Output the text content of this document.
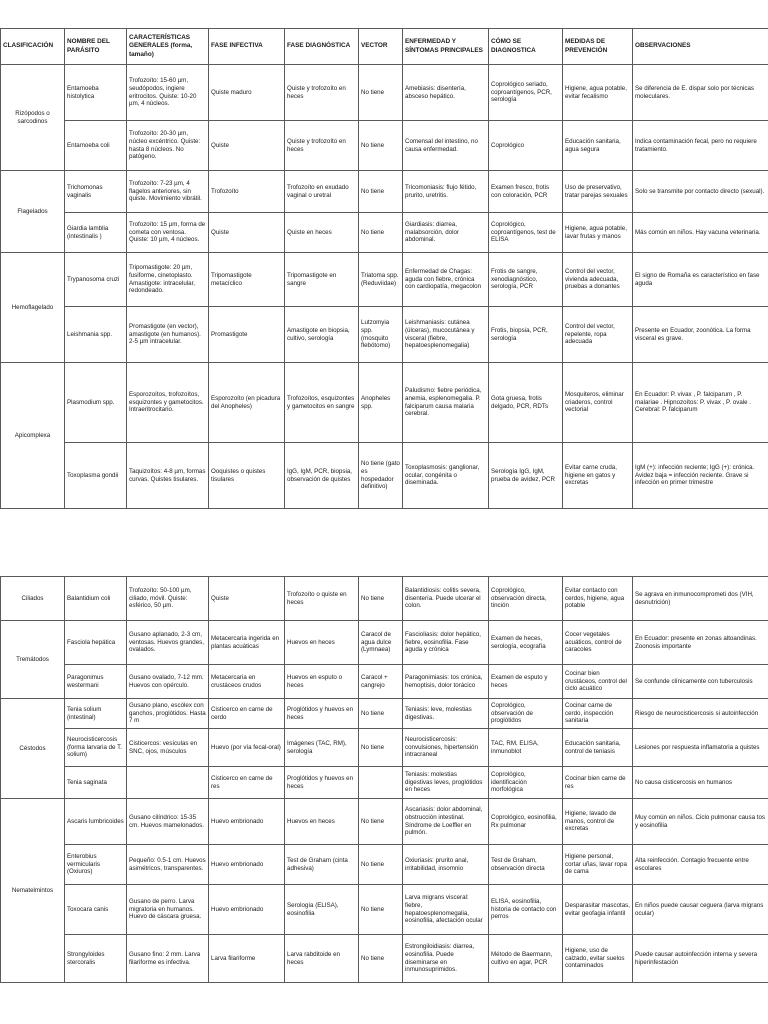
CLASIFICACIÓN	NOMBRE DEL PARÁSITO	CARACTERÍSTICAS GENERALES (forma, tamaño)	FASE INFECTIVA	FASE DIAGNÓSTICA	VECTOR	ENFERMEDAD Y SÍNTOMAS PRINCIPALES	CÓMO SE DIAGNOSTICA	MEDIDAS DE PREVENCIÓN	OBSERVACIONES
Rizópodos o sarcodinos	Entamoeba histolytica	Trofozoíto: 15-60 µm, seudópodos, ingiere eritrocitos. Quiste: 10-20 µm, 4 núcleos.	Quiste maduro	Quiste y trofozoíto en heces	No tiene	Amebiasis: disentería, absceso hepático.	Coprológico seriado, coproantígenos, PCR, serología	Higiene, agua potable, evitar fecalismo	Se diferencia de E. dispar solo por técnicas moleculares.
	Entamoeba coli	Trofozoíto: 20-30 µm, núcleo excéntrico. Quiste: hasta 8 núcleos. No patógeno.	Quiste	Quiste y trofozoíto en heces	No tiene	Comensal del intestino, no causa enfermedad.	Coprológico	Educación sanitaria, agua segura	Indica contaminación fecal, pero no requiere tratamiento.
Flagelados	Trichomonas vaginalis	Trofozoíto: 7-23 µm, 4 flagelos anteriores, sin quiste. Movimiento vibrátil.	Trofozoíto	Trofozoíto en exudado vaginal o uretral	No tiene	Tricomoniasis: flujo fétido, prurito, uretritis.	Examen fresco, frotis con coloración, PCR	Uso de preservativo, tratar parejas sexuales	Solo se transmite por contacto directo (sexual).
	Giardia lamblia (intestinalis )	Trofozoíto: 15 µm, forma de cometa con ventosa. Quiste: 10 µm, 4 núcleos.	Quiste	Quiste en heces	No tiene	Giardiasis: diarrea, malabsorción, dolor abdominal.	Coprológico, coproantígenos, test de ELISA	Higiene, agua potable, lavar frutas y manos	Más común en niños. Hay vacuna veterinaria.
Hemoflagelado	Trypanosoma cruzi	Tripomastigote: 20 µm, fusiforme, cinetoplasto. Amastigote: intracelular, redondeado.	Tripomastigote metacíclico	Tripomastigote en sangre	Triatoma spp. (Reduviidae)	Enfermedad de Chagas: aguda con fiebre, crónica con cardiopatía, megacolon	Frotis de sangre, xenodiagnóstico, serología, PCR	Control del vector, vivienda adecuada, pruebas a donantes	El signo de Romaña es característico en fase aguda
	Leishmania spp.	Promastigote (en vector), amastigote (en humanos). 2-5 µm intracelular.	Promastigote	Amastigote en biopsia, cultivo, serología	Lutzomyia spp. (mosquito flebótomo)	Leishmaniasis: cutánea (úlceras), mucocutánea y visceral (fiebre, hepatoesplenomegalia)	Frotis, biopsia, PCR, serología	Control del vector, repelente, ropa adecuada	Presente en Ecuador, zoonótica. La forma visceral es grave.
Apicomplexa	Plasmodium spp.	Esporozoítos, trofozoítos, esquizontes y gametocitos. Intraeritrocitario.	Esporozoíto (en picadura del Anopheles)	Trofozoítos, esquizontes y gametocitos en sangre	Anopheles spp.	Paludismo: fiebre periódica, anemia, esplenomegalia. P. falciparum causa malaria cerebral.	Gota gruesa, frotis delgado, PCR, RDTs	Mosquiteros, eliminar criaderos, control vectorial	En Ecuador: P. vivax , P. falciparum , P. malariae . Hipnozoítos: P. vivax , P. ovale . Cerebral: P. falciparum
	Toxoplasma gondii	Taquizoítos: 4-8 µm, formas curvas. Quistes tisulares.	Ooquistes o quistes tisulares	IgG, IgM, PCR, biopsia, observación de quistes	No tiene (gato es hospedador definitivo)	Toxoplasmosis: ganglionar, ocular, congénita o diseminada.	Serología IgG, IgM, prueba de avidez, PCR	Evitar carne cruda, higiene en gatos y excretas	IgM (+): infección reciente; IgG (+): crónica. Avidez baja = infección reciente. Grave si infección en primer trimestre
Ciliados	Balantidium coli	Trofozoíto: 50-100 µm, ciliado, móvil. Quiste: esférico, 50 µm.	Quiste	Trofozoíto o quiste en heces	No tiene	Balantidiosis: colitis severa, disentería. Puede ulcerar el colon.	Coprológico, observación directa, tinción	Evitar contacto con cerdos, higiene, agua potable	Se agrava en inmunocomprometi dos (VIH, desnutrición)
Tremátodos	Fasciola hepática	Gusano aplanado, 2-3 cm, ventosas. Huevos grandes, ovalados.	Metacercaria ingerida en plantas acuáticas	Huevos en heces	Caracol de agua dulce (Lymnaea)	Fascioliasis: dolor hepático, fiebre, eosinofilia. Fase aguda y crónica	Examen de heces, serología, ecografía	Cocer vegetales acuáticos, control de caracoles	En Ecuador: presente en zonas altoandinas. Zoonosis importante
	Paragonimus westermani	Gusano ovalado, 7-12 mm. Huevos con opérculo.	Metacercaria en crustáceos crudos	Huevos en esputo o heces	Caracol + cangrejo	Paragonimiasis: tos crónica, hemoptisis, dolor torácico	Examen de esputo y heces	Cocinar bien crustáceos, control del ciclo acuático	Se confunde clínicamente con tuberculosis
Céstodos	Tenia solium (intestinal)	Gusano plano, escólex con ganchos, proglótidos. Hasta 7 m	Cisticerco en carne de cerdo	Proglótidos y huevos en heces	No tiene	Teniasis: leve, molestias digestivas.	Coprológico, observación de proglótidos	Cocinar carne de cerdo, inspección sanitaria	Riesgo de neurocisticercosis si autoinfección
	Neurocisticercosis (forma larvaria de T. solium)	Cisticercos: vesículas en SNC, ojos, músculos	Huevo (por vía fecal-oral)	Imágenes (TAC, RM), serología	No tiene	Neurocisticercosis: convulsiones, hipertensión intracraneal	TAC, RM, ELISA, inmunoblot	Educación sanitaria, control de teniasis	Lesiones por respuesta inflamatoria a quistes
	Tenia saginata		Cisticerco en carne de res	Proglótidos y huevos en heces		Teniasis: molestias digestivas leves, proglótidos en heces	Coprológico, identificación morfológica	Cocinar bien carne de res	No causa cisticercosis en humanos
Nematelmintos	Ascaris lumbricoides	Gusano cilíndrico: 15-35 cm. Huevos mamelonados.	Huevo embrionado	Huevos en heces	No tiene	Ascariasis: dolor abdominal, obstrucción intestinal. Síndrome de Loeffler en pulmón.	Coprológico, eosinofilia, Rx pulmonar	Higiene, lavado de manos, control de excretas	Muy común en niños. Ciclo pulmonar causa tos y eosinofilia
	Enterobius vermicularis (Oxiuros)	Pequeño: 0.5-1 cm. Huevos asimétricos, transparentes.	Huevo embrionado	Test de Graham (cinta adhesiva)	No tiene	Oxiuriasis: prurito anal, irritabilidad, insomnio	Test de Graham, observación directa	Higiene personal, cortar uñas, lavar ropa de cama	Alta reinfección. Contagio frecuente entre escolares
	Toxocara canis	Gusano de perro. Larva migratoria en humanos. Huevo de cáscara gruesa.	Huevo embrionado	Serología (ELISA), eosinofilia	No tiene	Larva migrans visceral: fiebre, hepatoesplenomegalia, eosinofilia, afectación ocular	ELISA, eosinofilia, historia de contacto con perros	Desparasitar mascotas, evitar geofagia infantil	En niños puede causar ceguera (larva migrans ocular)
	Strongyloides stercoralis	Gusano fino: 2 mm. Larva filariforme es infectiva.	Larva filariforme	Larva rabditoide en heces	No tiene	Estrongiloidiasis: diarrea, eosinofilia. Puede diseminarse en inmunosuprimidos.	Método de Baermann, cultivo en agar, PCR	Higiene, uso de calzado, evitar suelos contaminados	Puede causar autoinfección interna y severa hiperinfestación
